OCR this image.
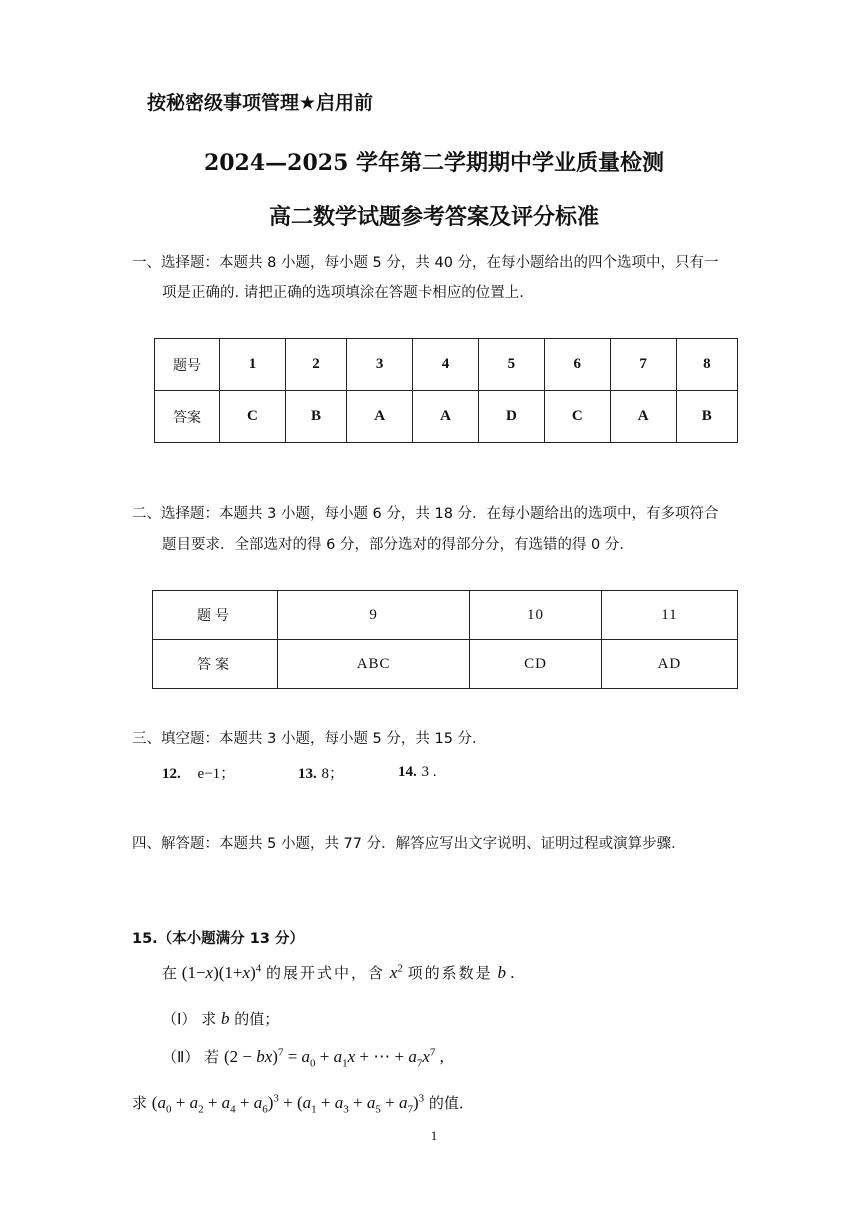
按秘密级事项管理★启用前
2024—2025 学年第二学期期中学业质量检测
高二数学试题参考答案及评分标准
一、选择题：本题共 8 小题，每小题 5 分，共 40 分，在每小题给出的四个选项中，只有一
项是正确的. 请把正确的选项填涂在答题卡相应的位置上.
题号	1	2	3	4	5	6	7	8
答案	C	B	A	A	D	C	A	B
二、选择题：本题共 3 小题，每小题 6 分，共 18 分．在每小题给出的选项中，有多项符合
题目要求．全部选对的得 6 分，部分选对的得部分分，有选错的得 0 分．
题号	9	10	11
答案	ABC	CD	AD
三、填空题：本题共 3 小题，每小题 5 分，共 15 分．
12. e−1；	13. 8；	14. 3 .
四、解答题：本题共 5 小题，共 77 分．解答应写出文字说明、证明过程或演算步骤．
15.（本小题满分 13 分）
在 $(1-x)(1+x)^4$ 的展开式中，含 $x^2$ 项的系数是 b .
（Ⅰ） 求 b 的值；
（Ⅱ） 若 $(2 - bx)^7 = a_0 + a_1x$ + ⋯ + $a_7x^7$ ,
求 $(a_0 + a_2 + a_4 + a_6)^3 + (a_1 + a_3 + a_5 + a_7)^3$ 的值．
1
